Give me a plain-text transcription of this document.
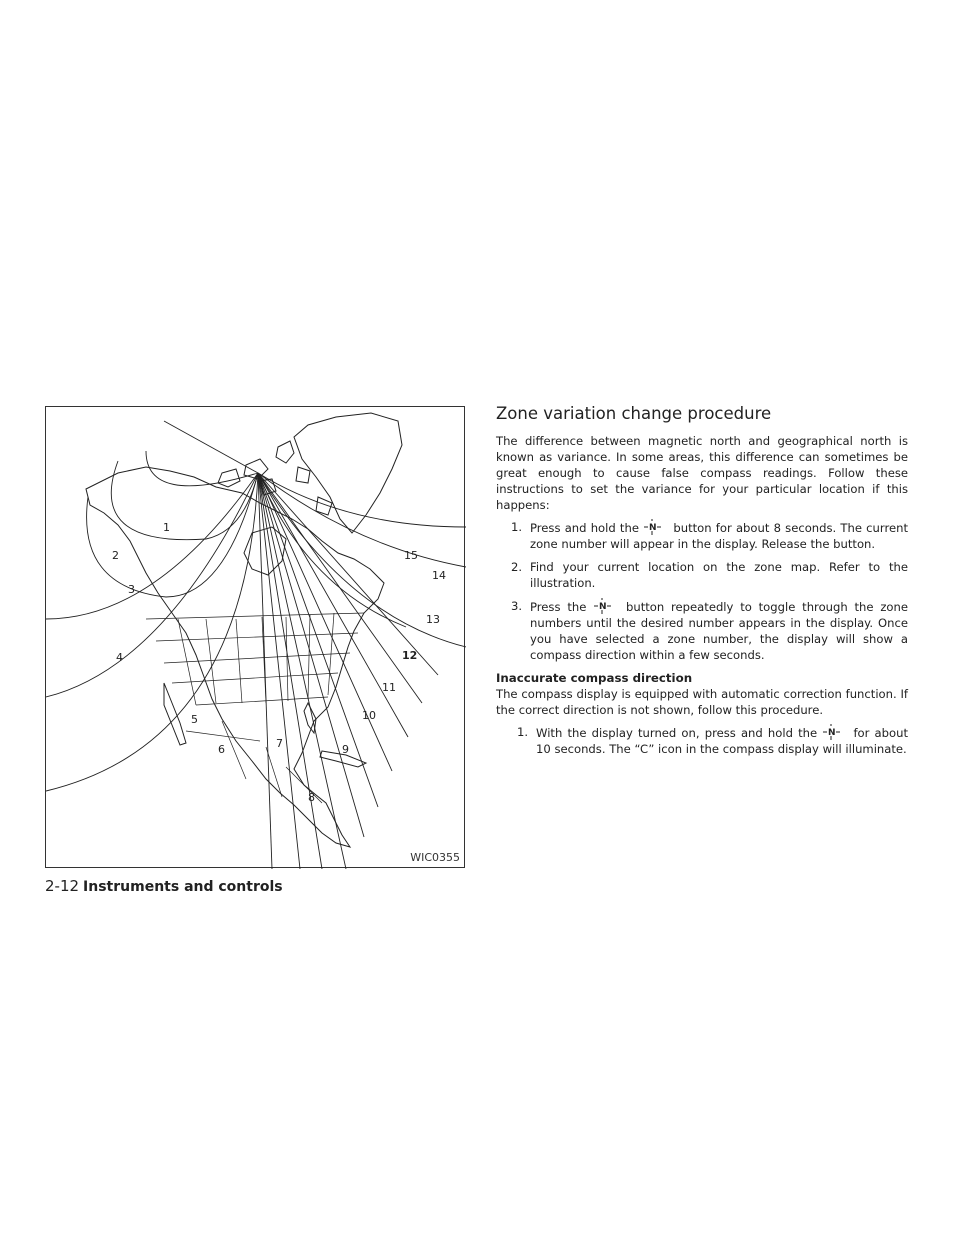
1
2
3
4
5
6	7
8
9
10
11
12
13
14
15
WIC0355
2-12 Instruments and controls
Zone variation change procedure

The difference between magnetic north and geographical north is known as variance. In some areas, this difference can sometimes be great enough to cause false compass readings. Follow these instructions to set the variance for your particular location if this happens:

1. Press and hold the N button for about 8 seconds. The current zone number will appear in the display. Release the button.
2. Find your current location on the zone map. Refer to the illustration.
3. Press the N button repeatedly to toggle through the zone numbers until the desired number appears in the display. Once you have selected a zone number, the display will show a compass direction within a few seconds.
Inaccurate compass direction

The compass display is equipped with automatic correction function. If the correct direction is not shown, follow this procedure.

1. With the display turned on, press and hold the N for about 10 seconds. The “C” icon in the compass display will illuminate.
